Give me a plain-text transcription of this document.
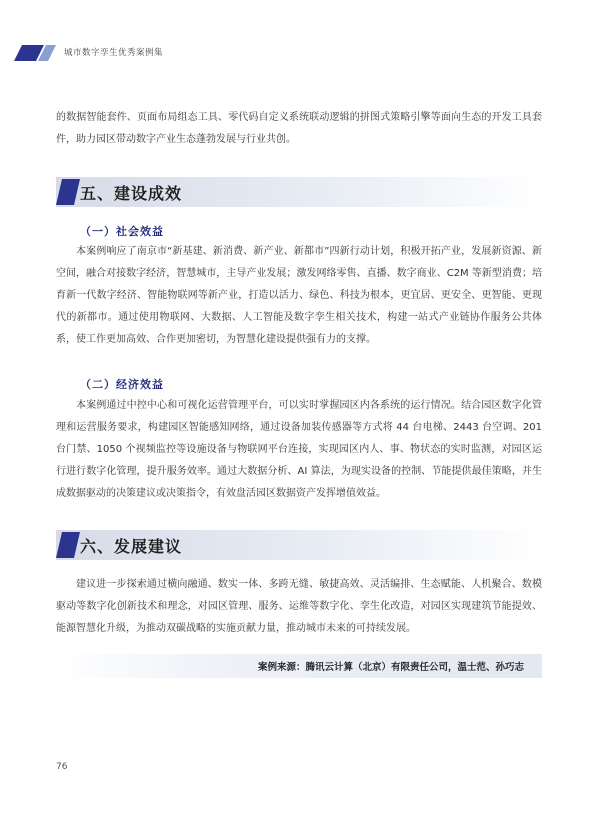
城市数字孪生优秀案例集

的数据智能套件、页面布局组态工具、零代码自定义系统联动逻辑的拼图式策略引擎等面向生态的开发工具套件，助力园区带动数字产业生态蓬勃发展与行业共创。

五、建设成效
（一）社会效益

本案例响应了南京市“新基建、新消费、新产业、新都市”四新行动计划，积极开拓产业，发展新资源、新空间，融合对接数字经济，智慧城市，主导产业发展；激发网络零售、直播、数字商业、C2M 等新型消费；培育新一代数字经济、智能物联网等新产业，打造以活力、绿色、科技为根本，更宜居、更安全、更智能、更现代的新都市。通过使用物联网、大数据、人工智能及数字孪生相关技术，构建一站式产业链协作服务公共体系，使工作更加高效、合作更加密切，为智慧化建设提供强有力的支撑。

（二）经济效益

本案例通过中控中心和可视化运营管理平台，可以实时掌握园区内各系统的运行情况。结合园区数字化管理和运营服务要求，构建园区智能感知网络，通过设备加装传感器等方式将 44 台电梯、2443 台空调、201 台门禁、1050 个视频监控等设施设备与物联网平台连接，实现园区内人、事、物状态的实时监测，对园区运行进行数字化管理，提升服务效率。通过大数据分析、AI 算法，为现实设备的控制、节能提供最佳策略，并生成数据驱动的决策建议或决策指令，有效盘活园区数据资产发挥增值效益。

六、发展建议

建议进一步探索通过横向融通、数实一体、多跨无缝、敏捷高效、灵活编排、生态赋能、人机聚合、数模驱动等数字化创新技术和理念，对园区管理、服务、运维等数字化、孪生化改造，对园区实现建筑节能提效、能源智慧化升级，为推动双碳战略的实施贡献力量，推动城市未来的可持续发展。

案例来源：腾讯云计算（北京）有限责任公司，温士范、孙巧志
76
